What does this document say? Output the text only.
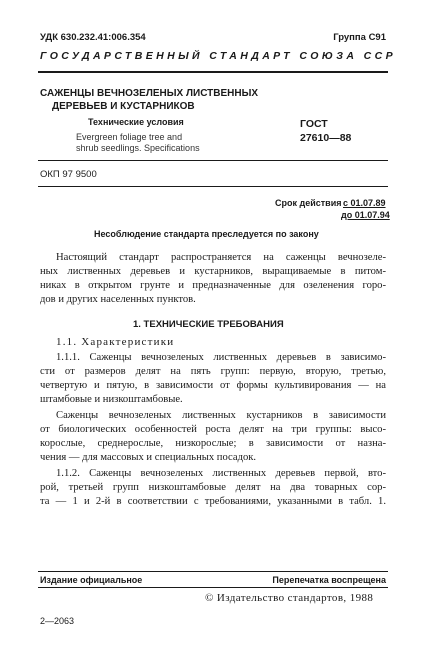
УДК 630.232.41:006.354	Группа С91
ГОСУДАРСТВЕННЫЙ СТАНДАРТ СОЮЗА ССР
САЖЕНЦЫ ВЕЧНОЗЕЛЕНЫХ ЛИСТВЕННЫХ
ДЕРЕВЬЕВ И КУСТАРНИКОВ
Технические условия
Evergreen foliage tree and
shrub seedlings. Specifications
ГОСТ
27610—88
ОКП 97 9500
Срок действия с 01.07.89
до 01.07.94
Несоблюдение стандарта преследуется по закону
Настоящий стандарт распространяется на саженцы вечнозеле-
ных лиственных деревьев и кустарников, выращиваемые в питом-
никах в открытом грунте и предназначенные для озеленения горо-
дов и других населенных пунктов.
1. ТЕХНИЧЕСКИЕ ТРЕБОВАНИЯ
1.1. Характеристики
1.1.1. Саженцы вечнозеленых лиственных деревьев в зависимо-
сти от размеров делят на пять групп: первую, вторую, третью,
четвертую и пятую, в зависимости от формы культивирования — на
штамбовые и низкоштамбовые.
Саженцы вечнозеленых лиственных кустарников в зависимости
от биологических особенностей роста делят на три группы: высо-
корослые, среднерослые, низкорослые; в зависимости от назна-
чения — для массовых и специальных посадок.
1.1.2. Саженцы вечнозеленых лиственных деревьев первой, вто-
рой, третьей групп низкоштамбовые делят на два товарных сор-
та — 1 и 2-й в соответствии с требованиями, указанными в табл. 1.
Издание официальное	Перепечатка воспрещена
© Издательство стандартов, 1988
2—2063
